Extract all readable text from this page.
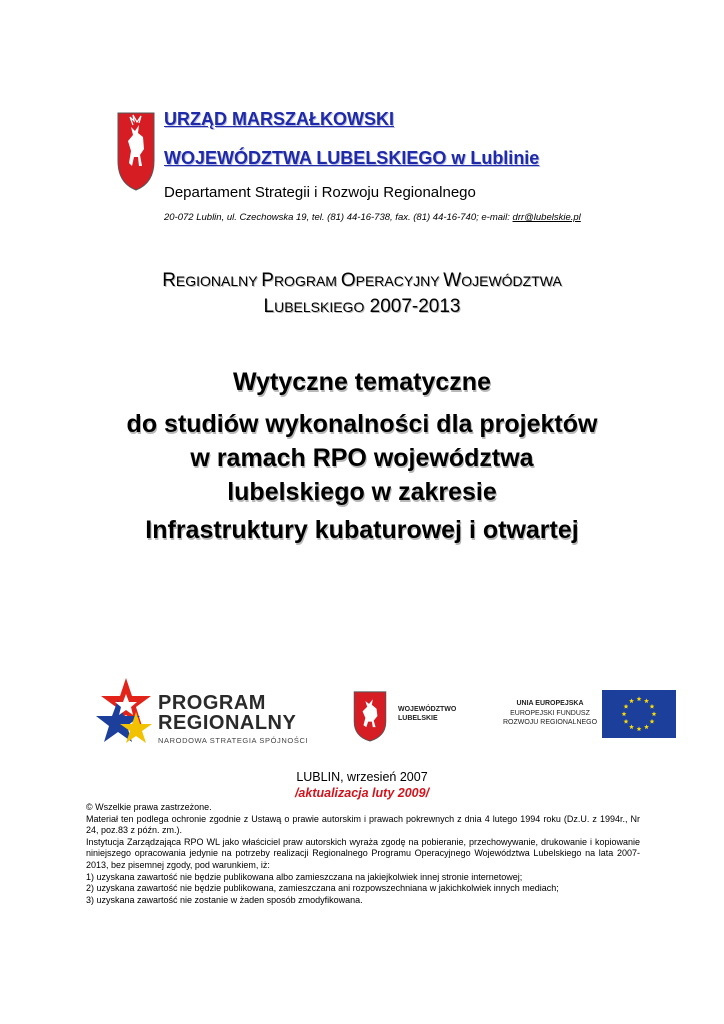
URZĄD MARSZAŁKOWSKI
WOJEWÓDZTWA LUBELSKIEGO w Lublinie
Departament Strategii i Rozwoju Regionalnego
20-072 Lublin, ul. Czechowska 19, tel. (81) 44-16-738, fax. (81) 44-16-740; e-mail: drr@lubelskie.pl
REGIONALNY PROGRAM OPERACYJNY WOJEWÓDZTWA
LUBELSKIEGO 2007-2013
Wytyczne tematyczne
do studiów wykonalności dla projektów
w ramach RPO województwa
lubelskiego w zakresie
Infrastruktury kubaturowej i otwartej
PROGRAM
REGIONALNY
NARODOWA STRATEGIA SPÓJNOŚCI
WOJEWÓDZTWO
LUBELSKIE
UNIA EUROPEJSKA
EUROPEJSKI FUNDUSZ
ROZWOJU REGIONALNEGO
LUBLIN, wrzesień 2007
/aktualizacja luty 2009/

© Wszelkie prawa zastrzeżone.

Materiał ten podlega ochronie zgodnie z Ustawą o prawie autorskim i prawach pokrewnych z dnia 4 lutego 1994 roku (Dz.U. z 1994r., Nr 24, poz.83 z późn. zm.).

Instytucja Zarządzająca RPO WL jako właściciel praw autorskich wyraża zgodę na pobieranie, przechowywanie, drukowanie i kopiowanie niniejszego opracowania jedynie na potrzeby realizacji Regionalnego Programu Operacyjnego Województwa Lubelskiego na lata 2007-2013, bez pisemnej zgody, pod warunkiem, iż:

1) uzyskana zawartość nie będzie publikowana albo zamieszczana na jakiejkolwiek innej stronie internetowej;

2) uzyskana zawartość nie będzie publikowana, zamieszczana ani rozpowszechniana w jakichkolwiek innych mediach;

3) uzyskana zawartość nie zostanie w żaden sposób zmodyfikowana.
